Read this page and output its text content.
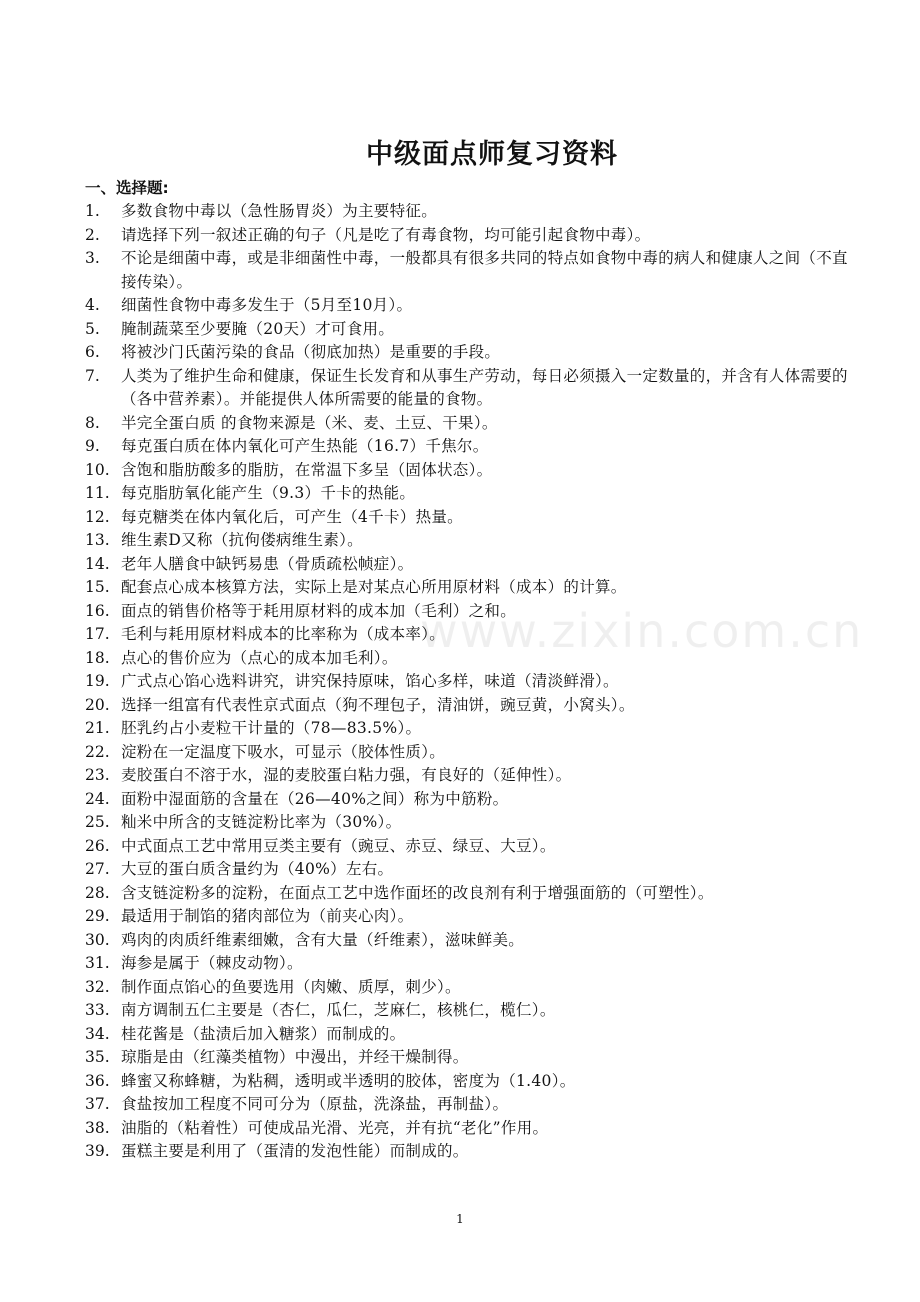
中级面点师复习资料
一、选择题:
1.	多数食物中毒以（急性肠胃炎）为主要特征。
2.	请选择下列一叙述正确的句子（凡是吃了有毒食物，均可能引起食物中毒）。
3.	不论是细菌中毒，或是非细菌性中毒，一般都具有很多共同的特点如食物中毒的病人和健康人之间（不直接传染）。
4.	细菌性食物中毒多发生于（5月至10月）。
5.	腌制蔬菜至少要腌（20天）才可食用。
6.	将被沙门氏菌污染的食品（彻底加热）是重要的手段。
7.	人类为了维护生命和健康，保证生长发育和从事生产劳动，每日必须摄入一定数量的，并含有人体需要的（各中营养素）。并能提供人体所需要的能量的食物。
8.	半完全蛋白质 的食物来源是（米、麦、土豆、干果）。
9.	每克蛋白质在体内氧化可产生热能（16.7）千焦尔。
10. 含饱和脂肪酸多的脂肪，在常温下多呈（固体状态）。
11. 每克脂肪氧化能产生（9.3）千卡的热能。
12. 每克糖类在体内氧化后，可产生（4千卡）热量。
13. 维生素D又称（抗佝偻病维生素）。
14. 老年人膳食中缺钙易患（骨质疏松帧症）。
15. 配套点心成本核算方法，实际上是对某点心所用原材料（成本）的计算。
16. 面点的销售价格等于耗用原材料的成本加（毛利）之和。
17. 毛利与耗用原材料成本的比率称为（成本率）。
18. 点心的售价应为（点心的成本加毛利）。
19. 广式点心馅心选料讲究，讲究保持原味，馅心多样，味道（清淡鲜滑）。
20. 选择一组富有代表性京式面点（狗不理包子，清油饼，豌豆黄，小窝头）。
21. 胚乳约占小麦粒干计量的（78—83.5%）。
22. 淀粉在一定温度下吸水，可显示（胶体性质）。
23. 麦胶蛋白不溶于水，湿的麦胶蛋白粘力强，有良好的（延伸性）。
24. 面粉中湿面筋的含量在（26—40%之间）称为中筋粉。
25. 籼米中所含的支链淀粉比率为（30%）。
26. 中式面点工艺中常用豆类主要有（豌豆、赤豆、绿豆、大豆）。
27. 大豆的蛋白质含量约为（40%）左右。
28. 含支链淀粉多的淀粉，在面点工艺中选作面坯的改良剂有利于增强面筋的（可塑性）。
29. 最适用于制馅的猪肉部位为（前夹心肉）。
30. 鸡肉的肉质纤维素细嫩，含有大量（纤维素），滋味鲜美。
31. 海参是属于（棘皮动物）。
32. 制作面点馅心的鱼要选用（肉嫩、质厚，刺少）。
33. 南方调制五仁主要是（杏仁，瓜仁，芝麻仁，核桃仁，榄仁）。
34. 桂花酱是（盐渍后加入糖浆）而制成的。
35. 琼脂是由（红藻类植物）中漫出，并经干燥制得。
36. 蜂蜜又称蜂糖，为粘稠，透明或半透明的胶体，密度为（1.40）。
37. 食盐按加工程度不同可分为（原盐，洗涤盐，再制盐）。
38. 油脂的（粘着性）可使成品光滑、光亮，并有抗“老化”作用。
39. 蛋糕主要是利用了（蛋清的发泡性能）而制成的。
www.zixin.com.cn
1
